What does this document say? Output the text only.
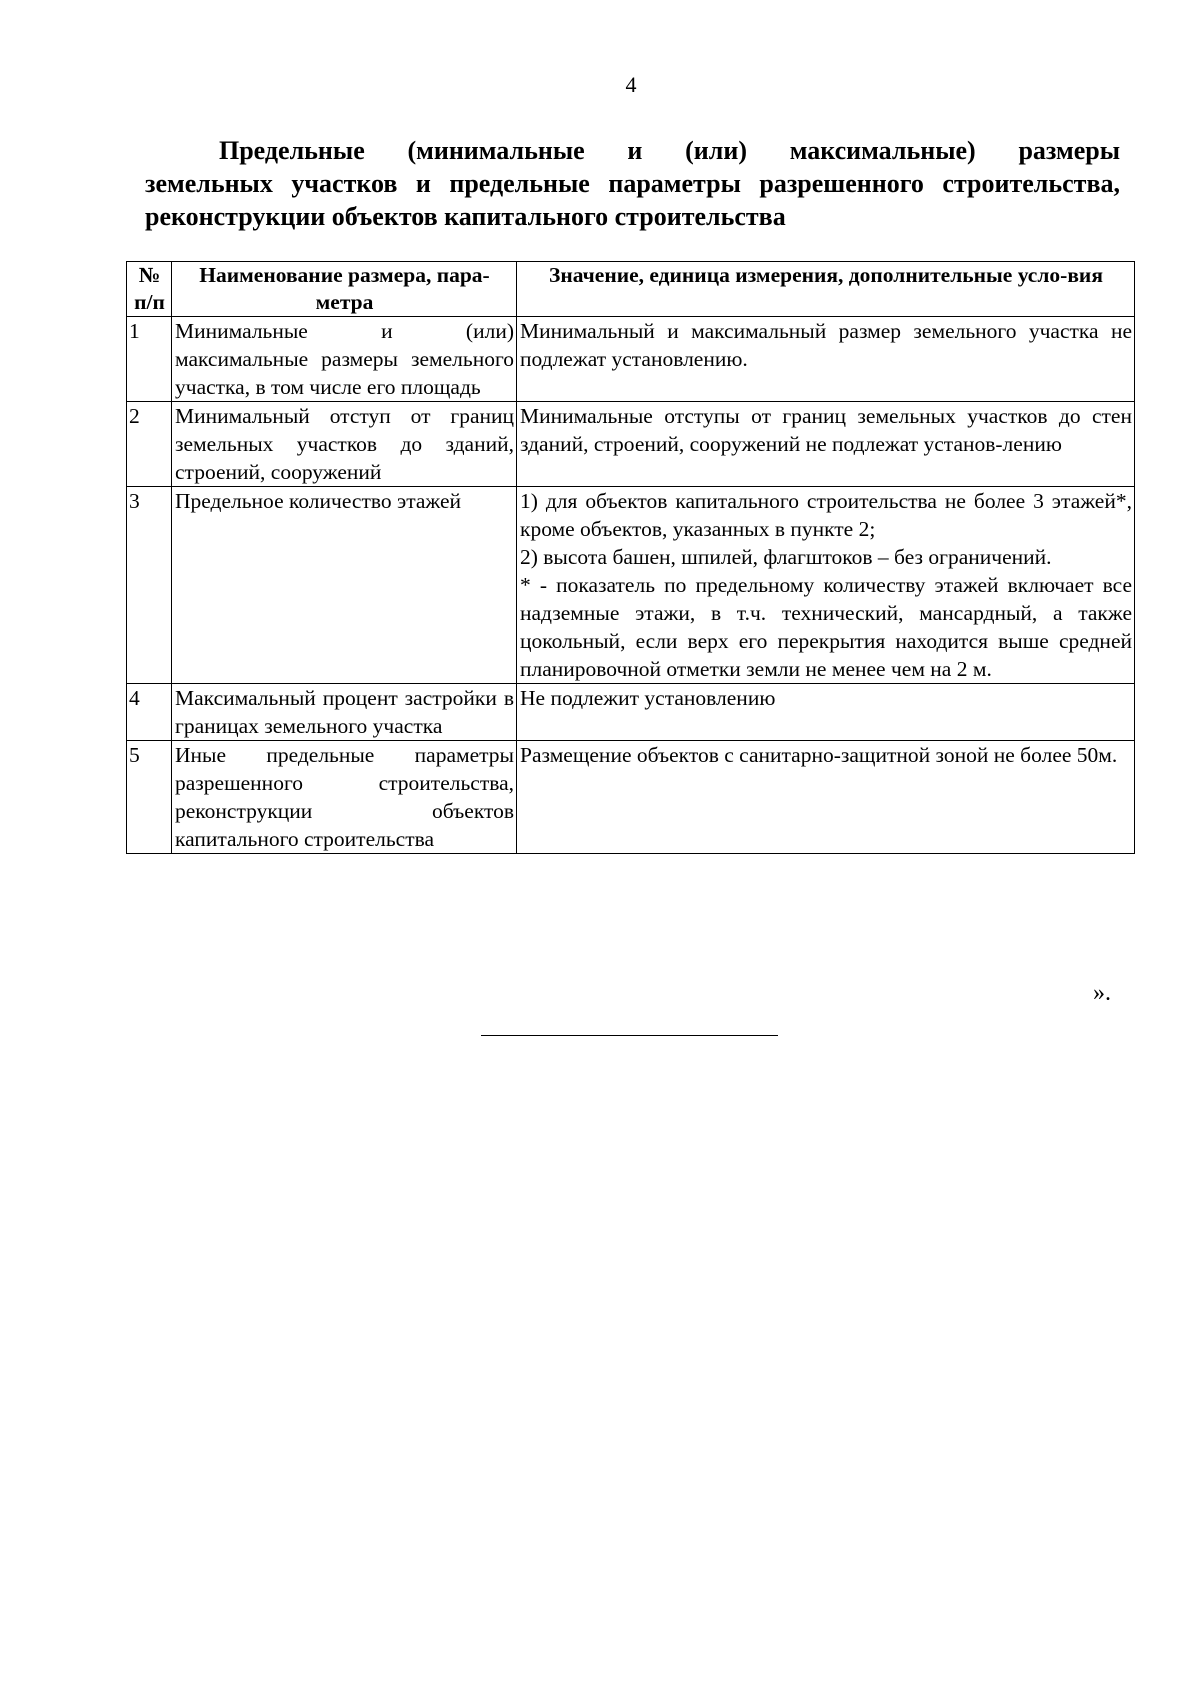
4
Предельные (минимальные и (или) максимальные) размеры
земельных участков и предельные параметры разрешенного строительства,
реконструкции объектов капитального строительства
№ п/п	Наименование размера, пара-метра	Значение, единица измерения, дополнительные усло-вия
1	Минимальные и (или) максимальные размеры земельного участка, в том числе его площадь	Минимальный и максимальный размер земельного участка не подлежат установлению.

2	Минимальный отступ от границ земельных участков до зданий, строений, сооружений	Минимальные отступы от границ земельных участков до стен зданий, строений, сооружений не подлежат установ-лению

3	Предельное количество этажей	1) для объектов капитального строительства не более 3 этажей*, кроме объектов, указанных в пункте 2;
2) высота башен, шпилей, флагштоков – без ограничений.
* - показатель по предельному количеству этажей включает все надземные этажи, в т.ч. технический, мансардный, а также цокольный, если верх его перекрытия находится выше средней планировочной отметки земли не менее чем на 2 м.

4	Максимальный процент застройки в границах земельного участка	Не подлежит установлению

5	Иные предельные параметры разрешенного строительства, реконструкции объектов капитального строительства	Размещение объектов с санитарно-защитной зоной не более 50м.
».
